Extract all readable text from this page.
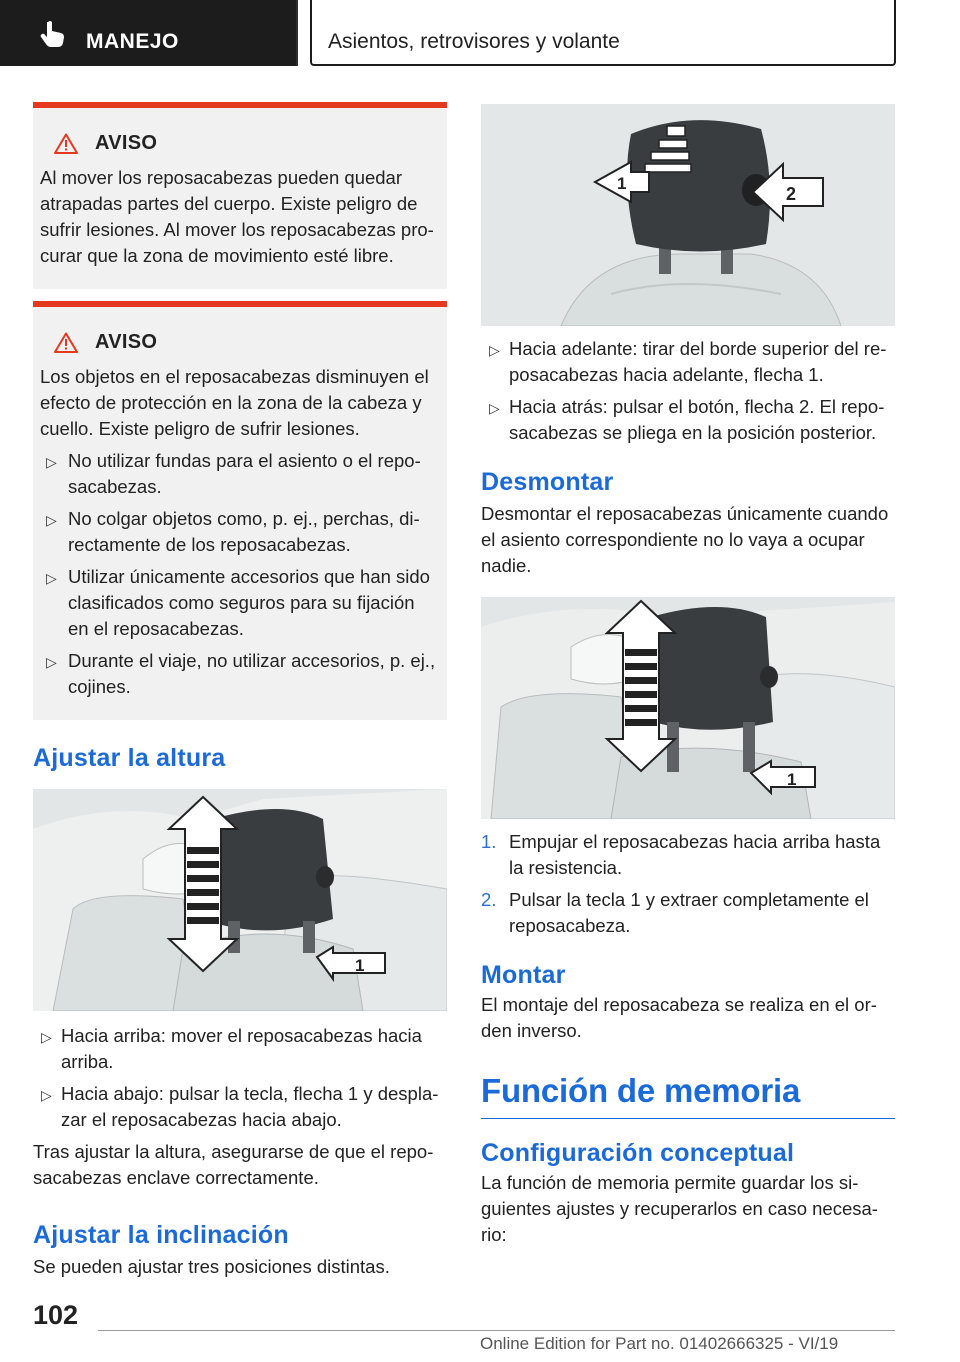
MANEJO	Asientos, retrovisores y volante
AVISO

Al mover los reposacabezas pueden quedar atrapadas partes del cuerpo. Existe peligro de sufrir lesiones. Al mover los reposacabezas procurar que la zona de movimiento esté libre.

AVISO

Los objetos en el reposacabezas disminuyen el efecto de protección en la zona de la cabeza y cuello. Existe peligro de sufrir lesiones.

▷ No utilizar fundas para el asiento o el reposacabezas.
▷ No colgar objetos como, p. ej., perchas, directamente de los reposacabezas.
▷ Utilizar únicamente accesorios que han sido clasificados como seguros para su fijación en el reposacabezas.
▷ Durante el viaje, no utilizar accesorios, p. ej., cojines.
Ajustar la altura
1
▷ Hacia arriba: mover el reposacabezas hacia arriba.
▷ Hacia abajo: pulsar la tecla, flecha 1 y desplazar el reposacabezas hacia abajo.

Tras ajustar la altura, asegurarse de que el reposacabezas enclave correctamente.

Ajustar la inclinación

Se pueden ajustar tres posiciones distintas.

1
2
▷ Hacia adelante: tirar del borde superior del reposacabezas hacia adelante, flecha 1.
▷ Hacia atrás: pulsar el botón, flecha 2. El reposacabezas se pliega en la posición posterior.
Desmontar

Desmontar el reposacabezas únicamente cuando el asiento correspondiente no lo vaya a ocupar nadie.

1
1. Empujar el reposacabezas hacia arriba hasta la resistencia.
2. Pulsar la tecla 1 y extraer completamente el reposacabeza.
Montar

El montaje del reposacabeza se realiza en el orden inverso.

Función de memoria
Configuración conceptual

La función de memoria permite guardar los siguientes ajustes y recuperarlos en caso necesario:

102
Online Edition for Part no. 01402666325 - VI/19
